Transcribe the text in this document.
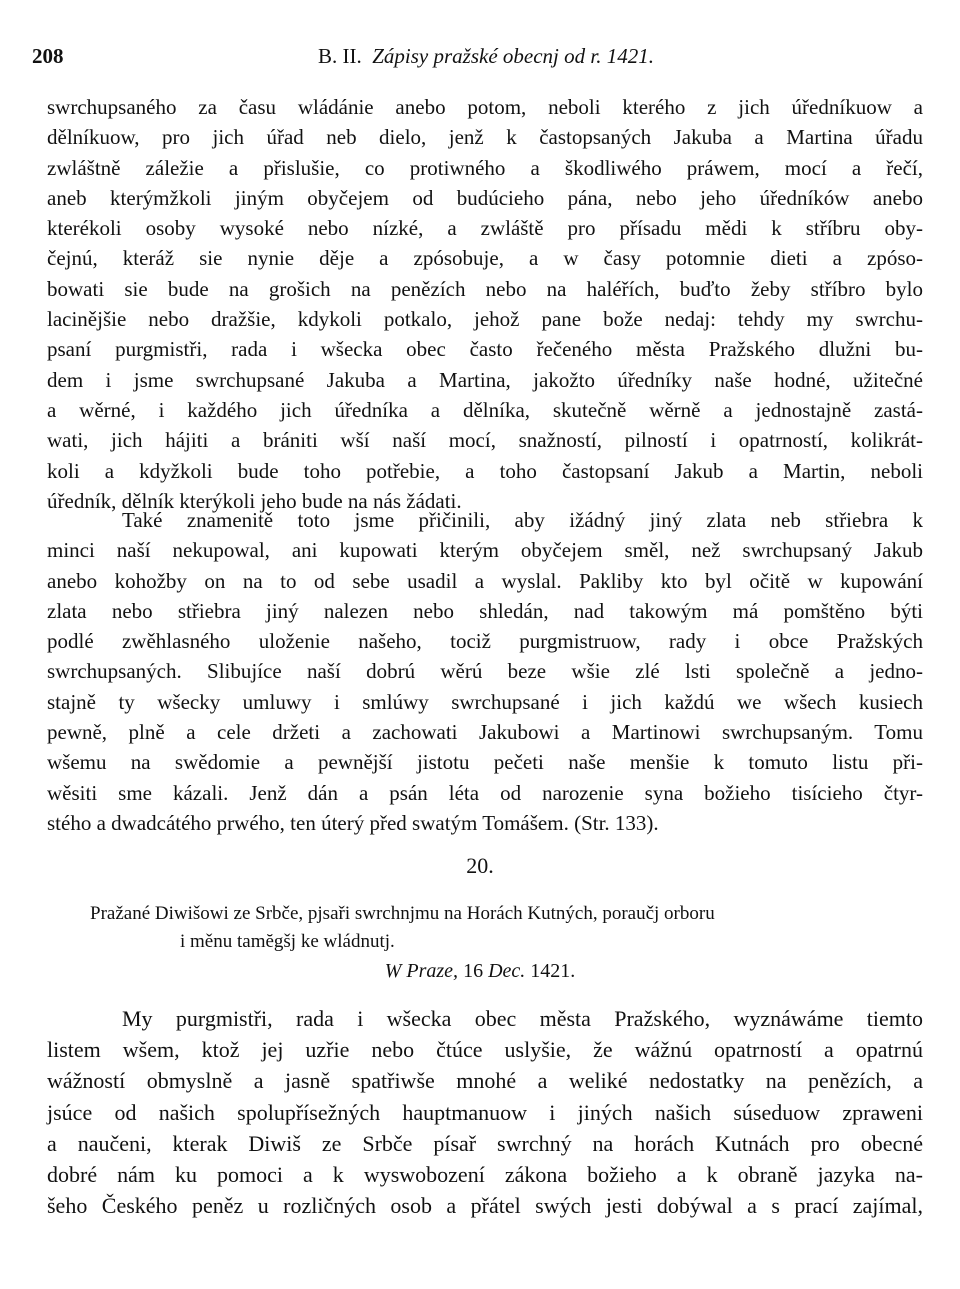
208	B. II. Zápisy pražské obecnj od r. 1421.
swrchupsaného za času wládánie anebo potom, neboli kterého z jich úředníkuow a
dělníkuow, pro jich úřad neb dielo, jenž k častopsaných Jakuba a Martina úřadu
zwláštně záležie a přislušie, co protiwného a škodliwého práwem, mocí a řečí,
aneb kterýmžkoli jiným obyčejem od budúcieho pána, nebo jeho úředníków anebo
kterékoli osoby wysoké nebo nízké, a zwláště pro přísadu mědi k stříbru oby-
čejnú, kteráž sie nynie děje a zpósobuje, a w časy potomnie dieti a zpóso-
bowati sie bude na grošich na penězích nebo na haléřích, buďto žeby stříbro bylo
lacinějšie nebo dražšie, kdykoli potkalo, jehož pane bože nedaj: tehdy my swrchu-
psaní purgmistři, rada i wšecka obec často řečeného města Pražského dlužni bu-
dem i jsme swrchupsané Jakuba a Martina, jakožto úředníky naše hodné, užitečné
a wěrné, i každého jich úředníka a dělníka, skutečně wěrně a jednostajně zastá-
wati, jich hájiti a brániti wší naší mocí, snažností, pilností i opatrností, kolikrát-
koli a kdyžkoli bude toho potřebie, a toho častopsaní Jakub a Martin, neboli
úředník, dělník kterýkoli jeho bude na nás žádati.
Také znamenitě toto jsme přičinili, aby ižádný jiný zlata neb střiebra k
minci naší nekupowal, ani kupowati kterým obyčejem směl, než swrchupsaný Jakub
anebo kohožby on na to od sebe usadil a wyslal. Pakliby kto byl očitě w kupowání
zlata nebo střiebra jiný nalezen nebo shledán, nad takowým má pomštěno býti
podlé zwěhlasného uloženie našeho, tociž purgmistruow, rady i obce Pražských
swrchupsaných. Slibujíce naší dobrú wěrú beze wšie zlé lsti společně a jedno-
stajně ty wšecky umluwy i smlúwy swrchupsané i jich každú we wšech kusiech
pewně, plně a cele držeti a zachowati Jakubowi a Martinowi swrchupsaným. Tomu
wšemu na swědomie a pewnější jistotu pečeti naše menšie k tomuto listu při-
wěsiti sme kázali. Jenž dán a psán léta od narozenie syna božieho tisícieho čtyr-
stého a dwadcátého prwého, ten úterý před swatým Tomášem. (Str. 133).
20.
Pražané Diwišowi ze Srbče, pjsaři swrchnjmu na Horách Kutných, poraučj orboru
i měnu tamĕgšj ke wládnutj.
W Praze, 16 Dec. 1421.
My purgmistři, rada i wšecka obec města Pražského, wyznáwáme tiemto
listem wšem, ktož jej uzřie nebo čtúce uslyšie, že wážnú opatrností a opatrnú
wážností obmyslně a jasně spatřiwše mnohé a weliké nedostatky na penězích, a
jsúce od našich spolupřísežných hauptmanuow i jiných našich súseduow zprawenі
a naučeni, kterak Diwiš ze Srbče písař swrchný na horách Kutnách pro obecné
dobré nám ku pomoci a k wyswobození zákona božieho a k obraně jazyka na-
šeho Českého peněz u rozličných osob a přátel swých jesti dobýwal a s prací zajímal,
